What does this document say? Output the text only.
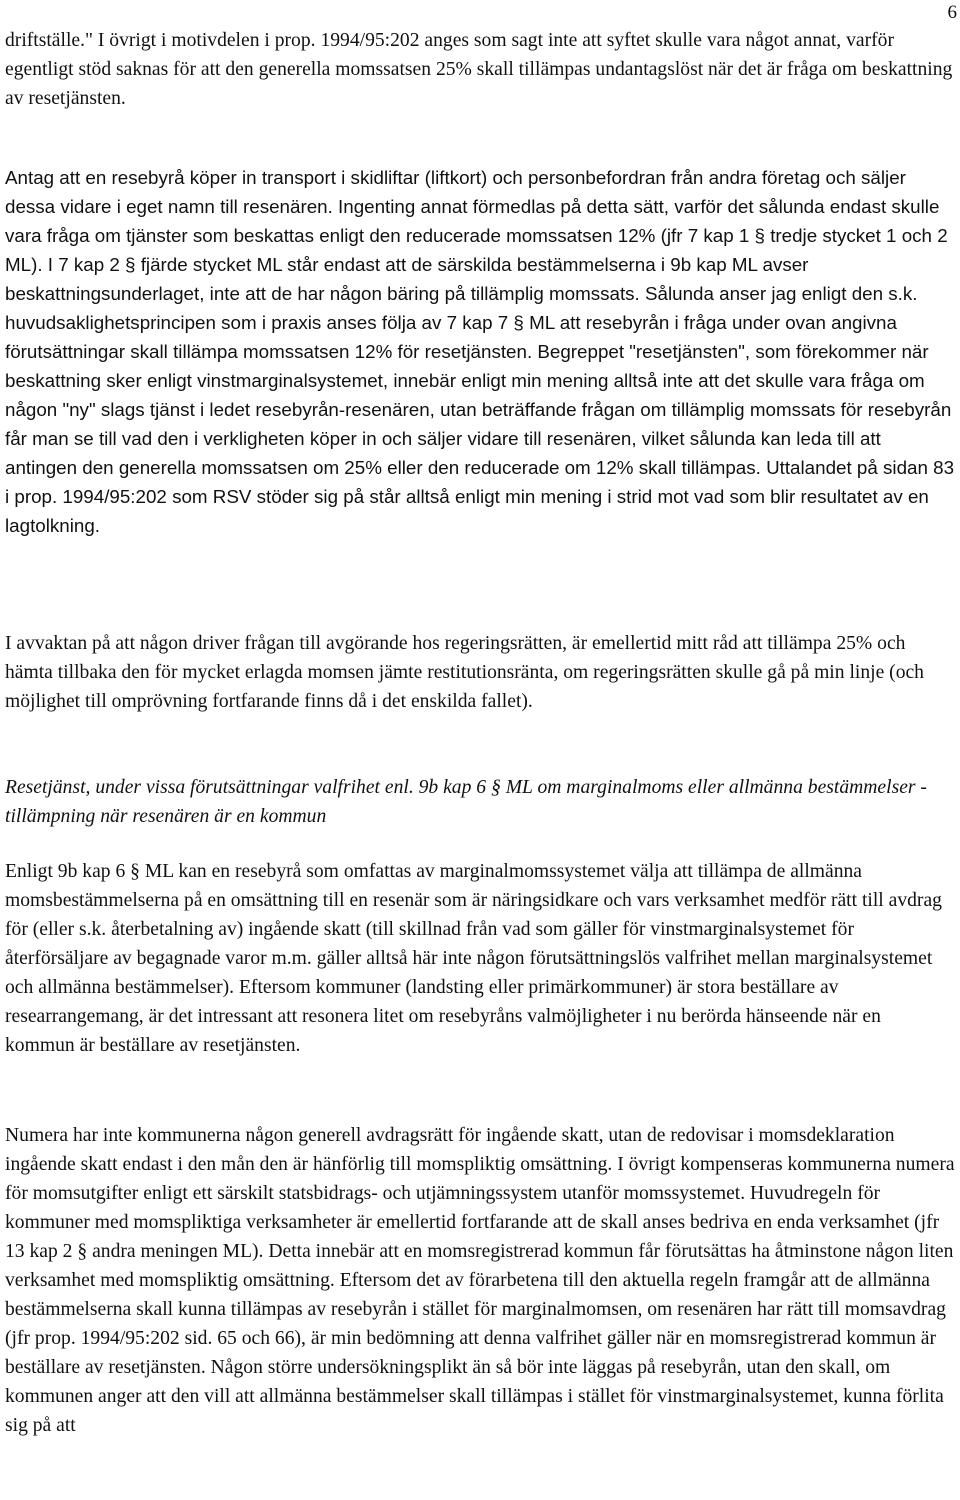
6

driftställe." I övrigt i motivdelen i prop. 1994/95:202 anges som sagt inte att syftet skulle vara något annat, varför egentligt stöd saknas för att den generella momssatsen 25% skall tillämpas undantagslöst när det är fråga om beskattning av resetjänsten.

Antag att en resebyrå köper in transport i skidliftar (liftkort) och personbefordran från andra företag och säljer dessa vidare i eget namn till resenären. Ingenting annat förmedlas på detta sätt, varför det sålunda endast skulle vara fråga om tjänster som beskattas enligt den reducerade momssatsen 12% (jfr 7 kap 1 § tredje stycket 1 och 2 ML). I 7 kap 2 § fjärde stycket ML står endast att de särskilda bestämmelserna i 9b kap ML avser beskattningsunderlaget, inte att de har någon bäring på tillämplig momssats. Sålunda anser jag enligt den s.k. huvudsaklighetsprincipen som i praxis anses följa av 7 kap 7 § ML att resebyrån i fråga under ovan angivna förutsättningar skall tillämpa momssatsen 12% för resetjänsten. Begreppet "resetjänsten", som förekommer när beskattning sker enligt vinstmarginalsystemet, innebär enligt min mening alltså inte att det skulle vara fråga om någon "ny" slags tjänst i ledet resebyrån-resenären, utan beträffande frågan om tillämplig momssats för resebyrån får man se till vad den i verkligheten köper in och säljer vidare till resenären, vilket sålunda kan leda till att antingen den generella momssatsen om 25% eller den reducerade om 12% skall tillämpas. Uttalandet på sidan 83 i prop. 1994/95:202 som RSV stöder sig på står alltså enligt min mening i strid mot vad som blir resultatet av en lagtolkning.

I avvaktan på att någon driver frågan till avgörande hos regeringsrätten, är emellertid mitt råd att tillämpa 25% och hämta tillbaka den för mycket erlagda momsen jämte restitutionsränta, om regeringsrätten skulle gå på min linje (och möjlighet till omprövning fortfarande finns då i det enskilda fallet).

Resetjänst, under vissa förutsättningar valfrihet enl. 9b kap 6 § ML om marginalmoms eller allmänna bestämmelser - tillämpning när resenären är en kommun

Enligt 9b kap 6 § ML kan en resebyrå som omfattas av marginalmomssystemet välja att tillämpa de allmänna momsbestämmelserna på en omsättning till en resenär som är näringsidkare och vars verksamhet medför rätt till avdrag för (eller s.k. återbetalning av) ingående skatt (till skillnad från vad som gäller för vinstmarginalsystemet för återförsäljare av begagnade varor m.m. gäller alltså här inte någon förutsättningslös valfrihet mellan marginalsystemet och allmänna bestämmelser). Eftersom kommuner (landsting eller primärkommuner) är stora beställare av researrangemang, är det intressant att resonera litet om resebyråns valmöjligheter i nu berörda hänseende när en kommun är beställare av resetjänsten.

Numera har inte kommunerna någon generell avdragsrätt för ingående skatt, utan de redovisar i momsdeklaration ingående skatt endast i den mån den är hänförlig till momspliktig omsättning. I övrigt kompenseras kommunerna numera för momsutgifter enligt ett särskilt statsbidrags- och utjämningssystem utanför momssystemet. Huvudregeln för kommuner med momspliktiga verksamheter är emellertid fortfarande att de skall anses bedriva en enda verksamhet (jfr 13 kap 2 § andra meningen ML). Detta innebär att en momsregistrerad kommun får förutsättas ha åtminstone någon liten verksamhet med momspliktig omsättning. Eftersom det av förarbetena till den aktuella regeln framgår att de allmänna bestämmelserna skall kunna tillämpas av resebyrån i stället för marginalmomsen, om resenären har rätt till momsavdrag (jfr prop. 1994/95:202 sid. 65 och 66), är min bedömning att denna valfrihet gäller när en momsregistrerad kommun är beställare av resetjänsten. Någon större undersökningsplikt än så bör inte läggas på resebyrån, utan den skall, om kommunen anger att den vill att allmänna bestämmelser skall tillämpas i stället för vinstmarginalsystemet, kunna förlita sig på att
